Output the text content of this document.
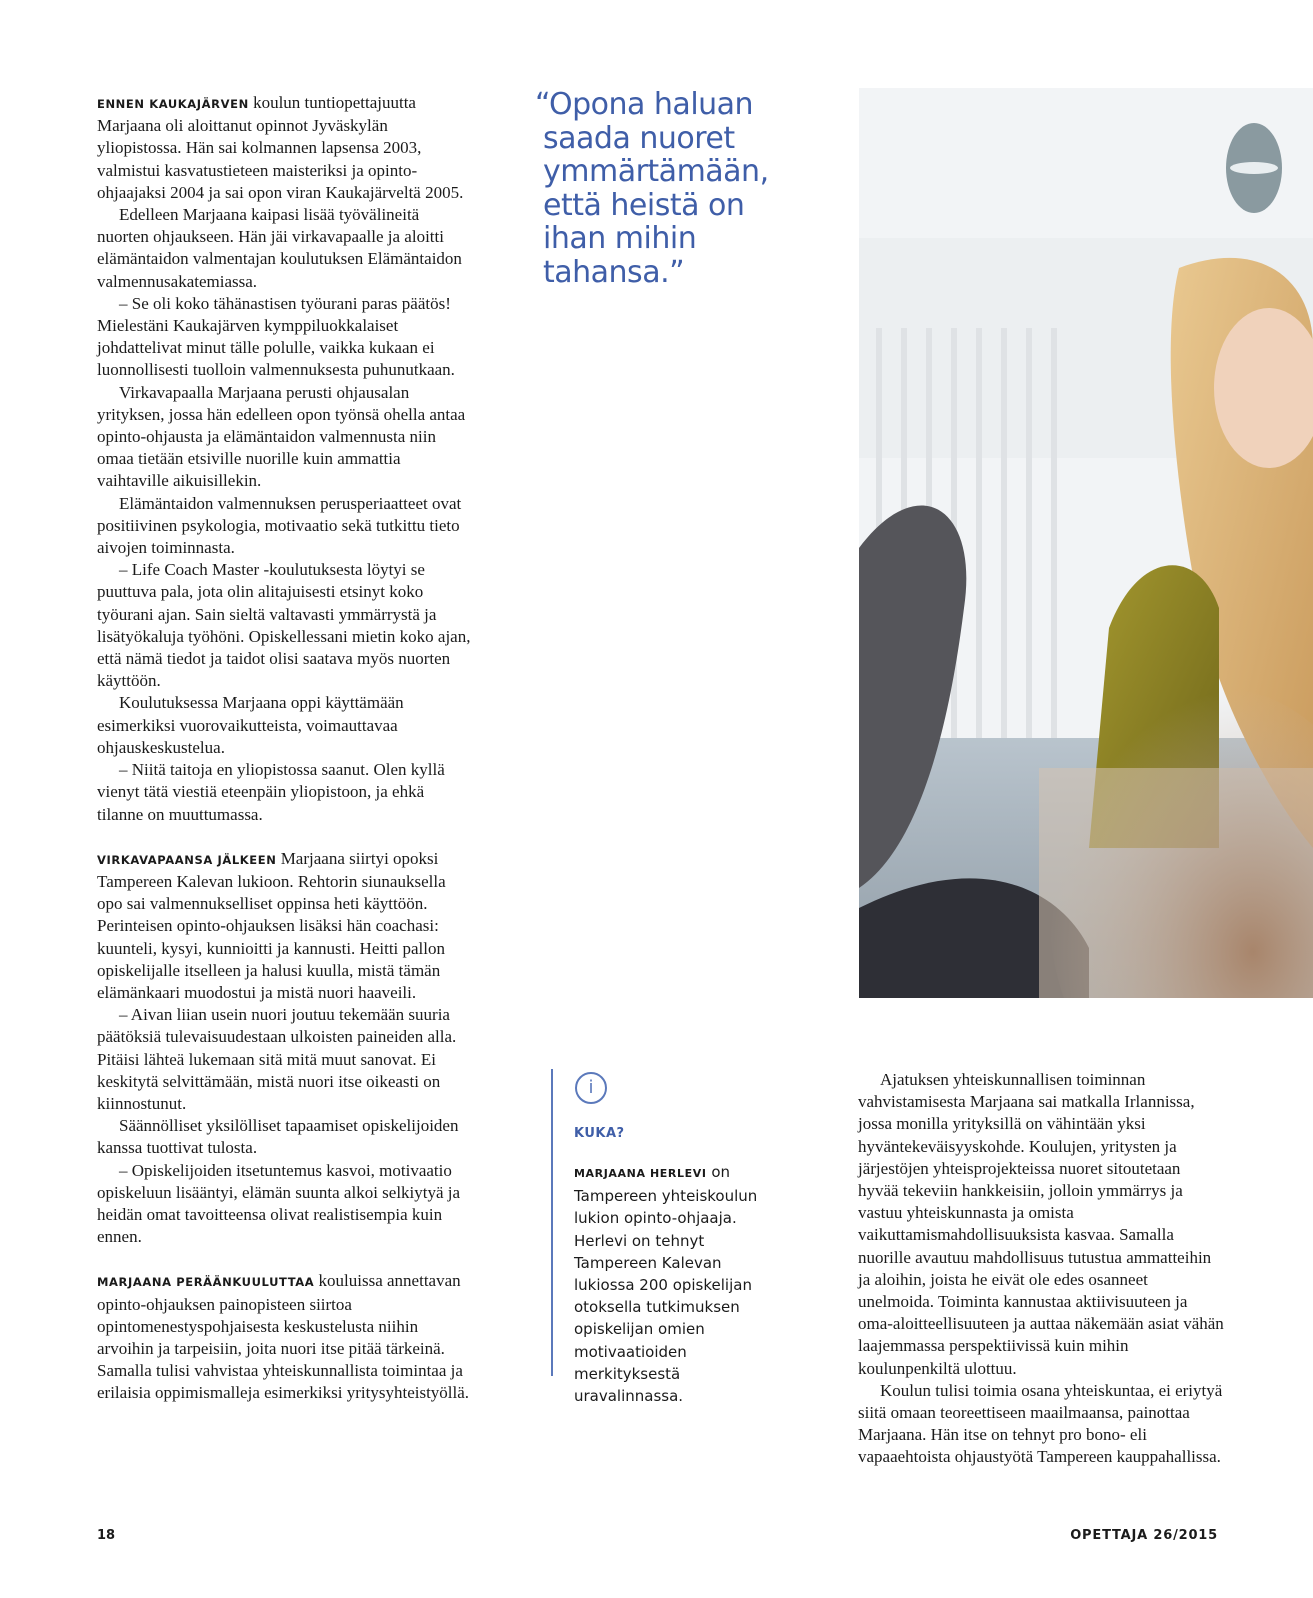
ENNEN KAUKAJÄRVEN koulun tuntiopettajuutta Marjaana oli aloittanut opinnot Jyväskylän yliopistossa. Hän sai kolmannen lapsensa 2003, valmistui kasvatustieteen maisteriksi ja opinto-ohjaajaksi 2004 ja sai opon viran Kaukajärveltä 2005.

Edelleen Marjaana kaipasi lisää työvälineitä nuorten ohjaukseen. Hän jäi virkavapaalle ja aloitti elämäntaidon valmentajan koulutuksen Elämäntaidon valmennusakatemiassa.

– Se oli koko tähänastisen työurani paras päätös! Mielestäni Kaukajärven kymppiluokkalaiset johdattelivat minut tälle polulle, vaikka kukaan ei luonnollisesti tuolloin valmennuksesta puhunutkaan.

Virkavapaalla Marjaana perusti ohjausalan yrityksen, jossa hän edelleen opon työnsä ohella antaa opinto-ohjausta ja elämäntaidon valmennusta niin omaa tietään etsiville nuorille kuin ammattia vaihtaville aikuisillekin.

Elämäntaidon valmennuksen perusperiaatteet ovat positiivinen psykologia, motivaatio sekä tutkittu tieto aivojen toiminnasta.

– Life Coach Master -koulutuksesta löytyi se puuttuva pala, jota olin alitajuisesti etsinyt koko työurani ajan. Sain sieltä valtavasti ymmärrystä ja lisätyökaluja työhöni. Opiskellessani mietin koko ajan, että nämä tiedot ja taidot olisi saatava myös nuorten käyttöön.

Koulutuksessa Marjaana oppi käyttämään esimerkiksi vuorovaikutteista, voimauttavaa ohjauskeskustelua.

– Niitä taitoja en yliopistossa saanut. Olen kyllä vienyt tätä viestiä eteenpäin yliopistoon, ja ehkä tilanne on muuttumassa.

VIRKAVAPAANSA JÄLKEEN Marjaana siirtyi opoksi Tampereen Kalevan lukioon. Rehtorin siunauksella opo sai valmennukselliset oppinsa heti käyttöön. Perinteisen opinto-ohjauksen lisäksi hän coachasi: kuunteli, kysyi, kunnioitti ja kannusti. Heitti pallon opiskelijalle itselleen ja halusi kuulla, mistä tämän elämänkaari muodostui ja mistä nuori haaveili.

– Aivan liian usein nuori joutuu tekemään suuria päätöksiä tulevaisuudestaan ulkoisten paineiden alla. Pitäisi lähteä lukemaan sitä mitä muut sanovat. Ei keskitytä selvittämään, mistä nuori itse oikeasti on kiinnostunut.

Säännölliset yksilölliset tapaamiset opiskelijoiden kanssa tuottivat tulosta.

– Opiskelijoiden itsetuntemus kasvoi, motivaatio opiskeluun lisääntyi, elämän suunta alkoi selkiytyä ja heidän omat tavoitteensa olivat realistisempia kuin ennen.

MARJAANA PERÄÄNKUULUTTAA kouluissa annettavan opinto-ohjauksen painopisteen siirtoa opintomenestyspohjaisesta keskustelusta niihin arvoihin ja tarpeisiin, joita nuori itse pitää tärkeinä. Samalla tulisi vahvistaa yhteiskunnallista toimintaa ja erilaisia oppimismalleja esimerkiksi yritysyhteistyöllä.

“Opona haluan
saada nuoret
ymmärtämään,
että heistä on
ihan mihin
tahansa.”
i
KUKA?
MARJAANA HERLEVI on Tampereen yhteiskoulun lukion opinto-ohjaaja. Herlevi on tehnyt Tampereen Kalevan lukiossa 200 opiskelijan otoksella tutkimuksen opiskelijan omien motivaatioiden merkityksestä uravalinnassa.

Ajatuksen yhteiskunnallisen toiminnan vahvistamisesta Marjaana sai matkalla Irlannissa, jossa monilla yrityksillä on vähintään yksi hyväntekeväisyyskohde. Koulujen, yritysten ja järjestöjen yhteisprojekteissa nuoret sitoutetaan hyvää tekeviin hankkeisiin, jolloin ymmärrys ja vastuu yhteiskunnasta ja omista vaikuttamismahdollisuuksista kasvaa. Samalla nuorille avautuu mahdollisuus tutustua ammatteihin ja aloihin, joista he eivät ole edes osanneet unelmoida. Toiminta kannustaa aktiivisuuteen ja oma-aloitteellisuuteen ja auttaa näkemään asiat vähän laajemmassa perspektiivissä kuin mihin koulunpenkiltä ulottuu.

Koulun tulisi toimia osana yhteiskuntaa, ei eriytyä siitä omaan teoreettiseen maailmaansa, painottaa Marjaana. Hän itse on tehnyt pro bono- eli vapaaehtoista ohjaustyötä Tampereen kauppahallissa.

18	OPETTAJA 26/2015
